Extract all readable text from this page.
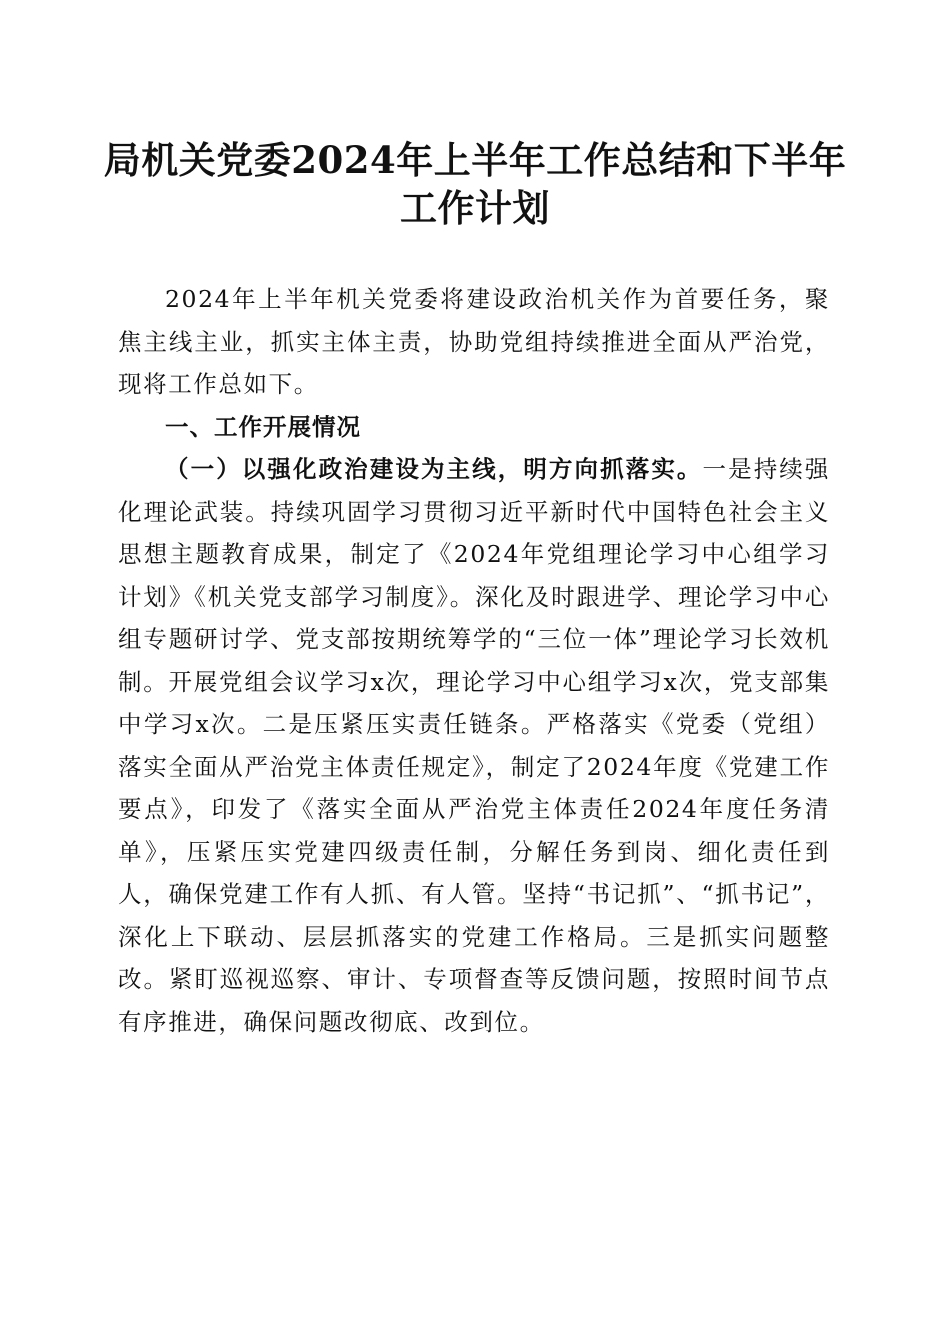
局机关党委2024年上半年工作总结和下半年
工作计划

2024年上半年机关党委将建设政治机关作为首要任务，聚焦主线主业，抓实主体主责，协助党组持续推进全面从严治党，现将工作总如下。

一、工作开展情况

（一）以强化政治建设为主线，明方向抓落实。一是持续强化理论武装。持续巩固学习贯彻习近平新时代中国特色社会主义思想主题教育成果，制定了《2024年党组理论学习中心组学习计划》《机关党支部学习制度》。深化及时跟进学、理论学习中心组专题研讨学、党支部按期统筹学的“三位一体”理论学习长效机制。开展党组会议学习x次，理论学习中心组学习x次，党支部集中学习x次。二是压紧压实责任链条。严格落实《党委（党组）落实全面从严治党主体责任规定》，制定了2024年度《党建工作要点》，印发了《落实全面从严治党主体责任2024年度任务清单》，压紧压实党建四级责任制，分解任务到岗、细化责任到人，确保党建工作有人抓、有人管。坚持“书记抓”、“抓书记”，深化上下联动、层层抓落实的党建工作格局。三是抓实问题整改。紧盯巡视巡察、审计、专项督查等反馈问题，按照时间节点有序推进，确保问题改彻底、改到位。
